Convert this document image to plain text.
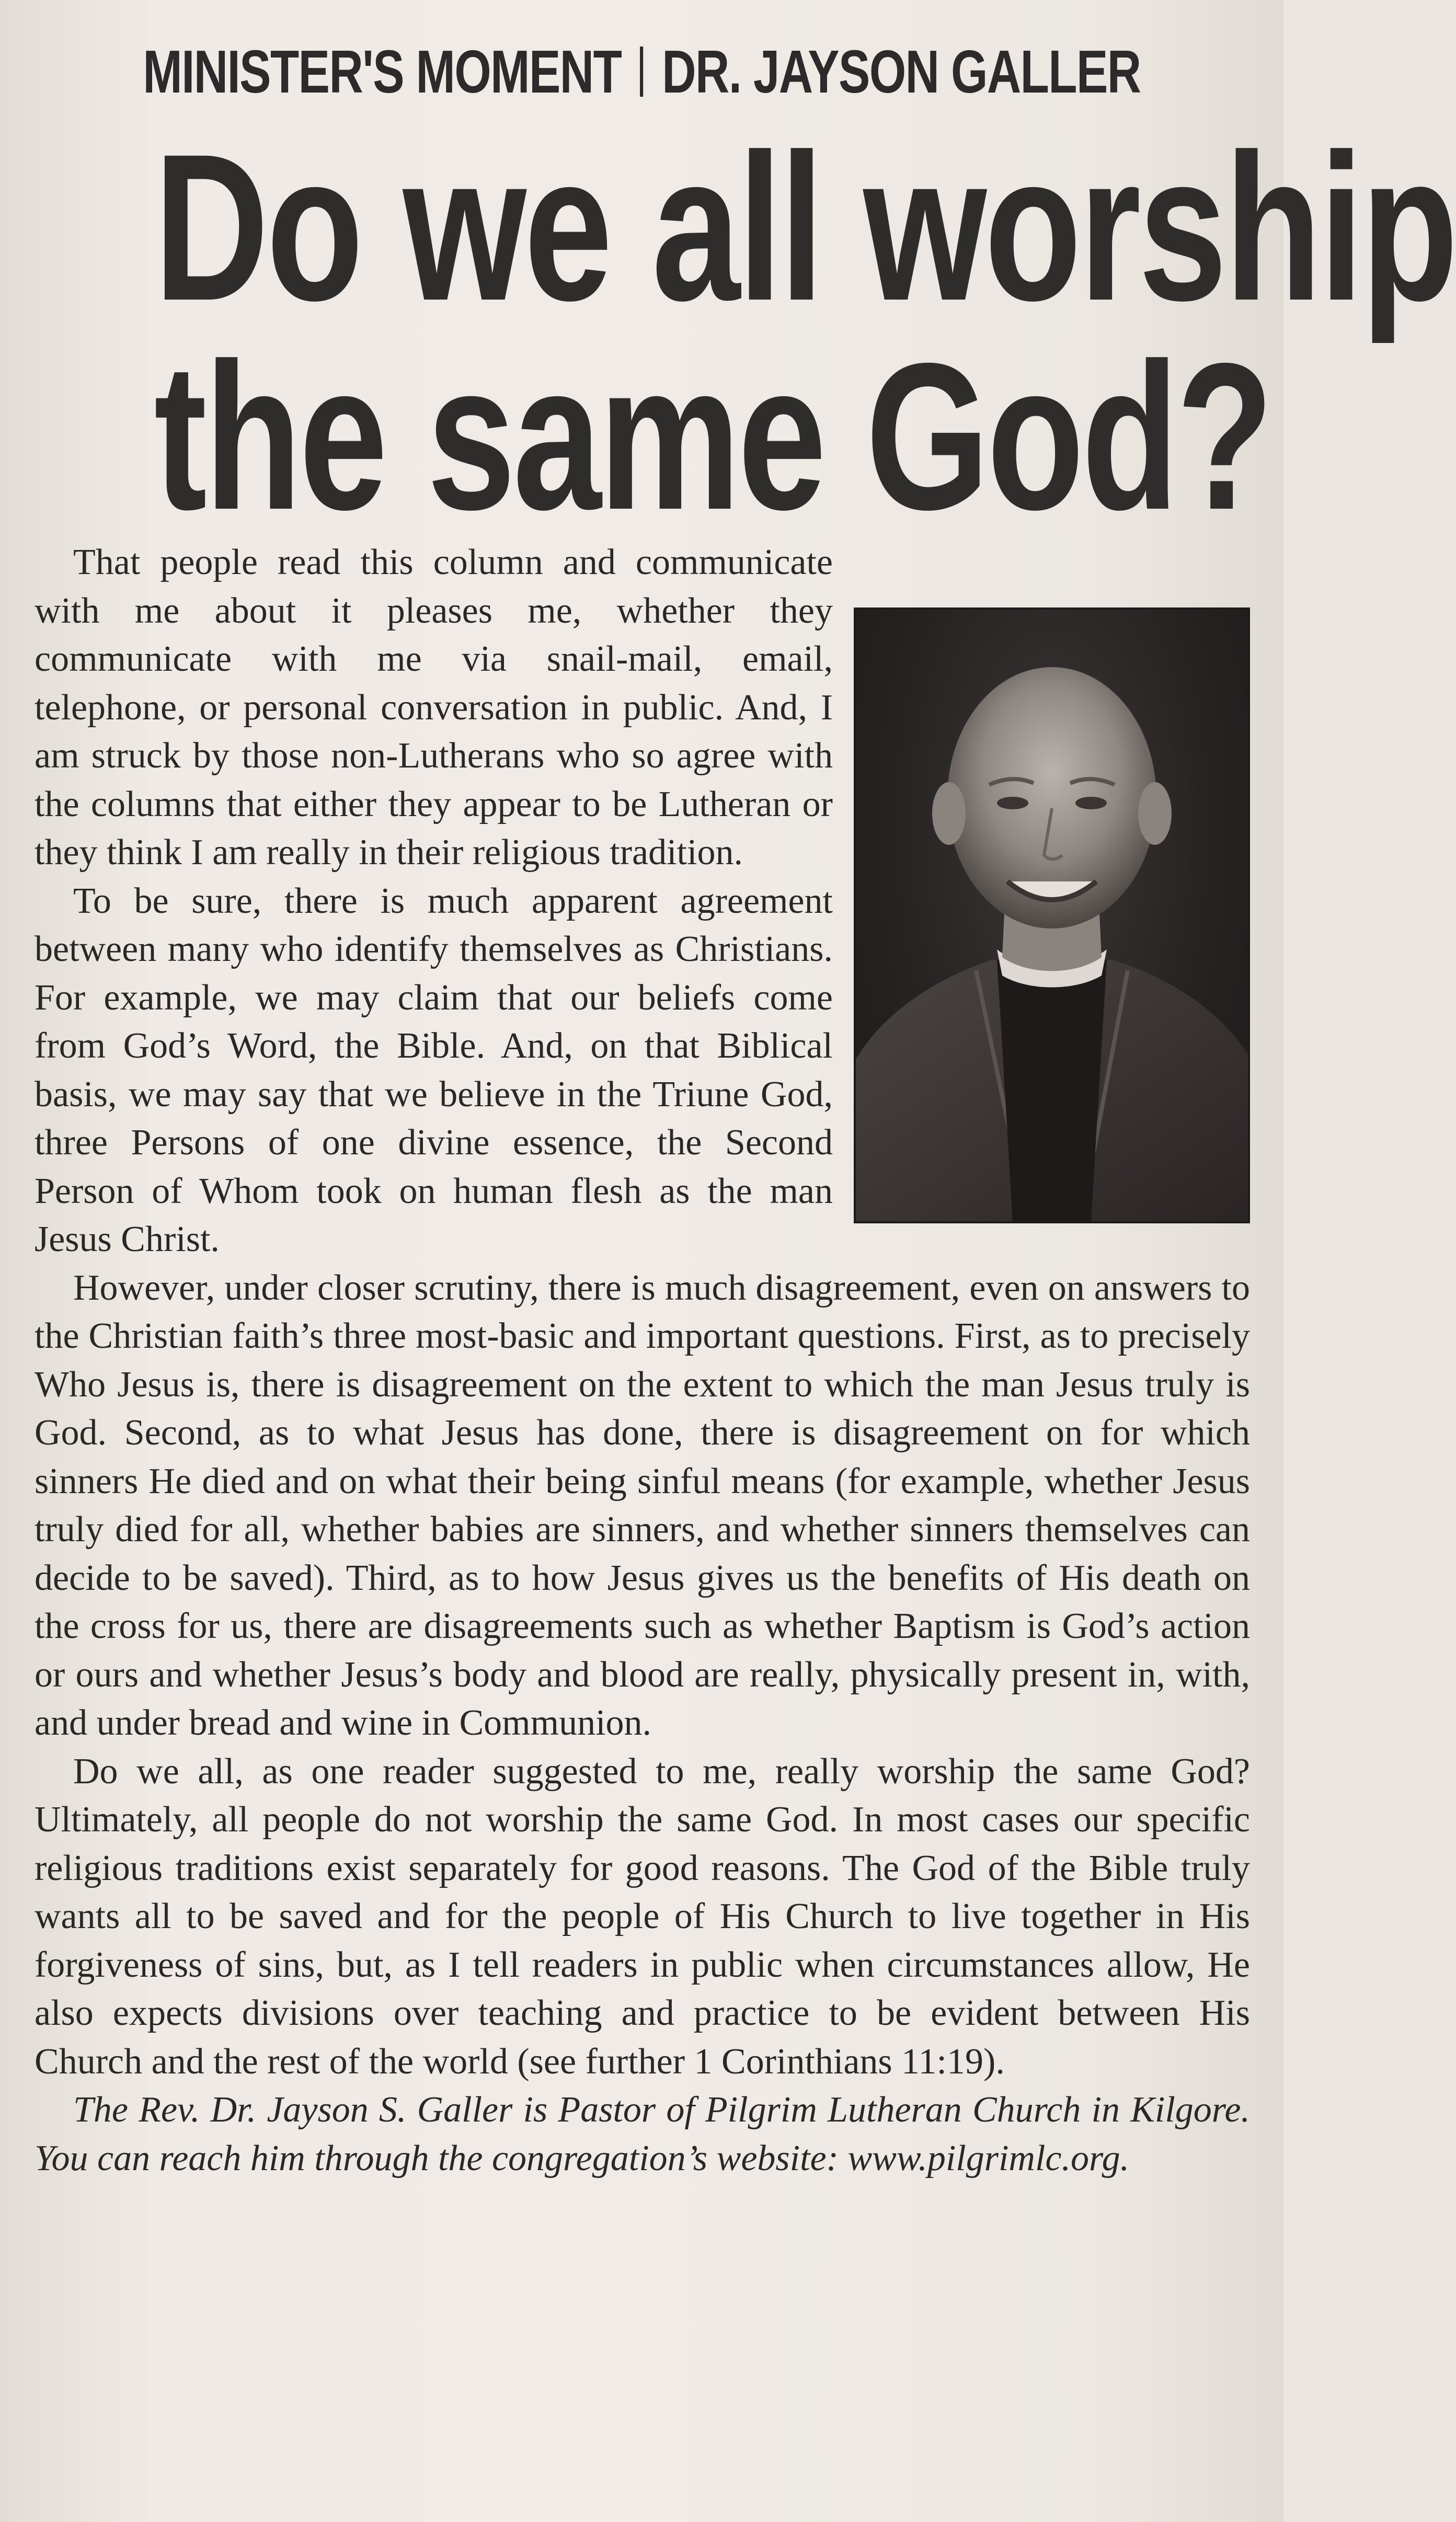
MINISTER'S MOMENT DR. JAYSON GALLER
Do we all worship
the same God?

That people read this column and communicate with me about it pleases me, whether they communicate with me via snail-mail, email, telephone, or personal conversation in public. And, I am struck by those non-Lutherans who so agree with the columns that either they appear to be Lutheran or they think I am really in their religious tradition.

To be sure, there is much apparent agreement between many who identify themselves as Christians. For example, we may claim that our beliefs come from God’s Word, the Bible. And, on that Biblical basis, we may say that we believe in the Triune God, three Persons of one divine essence, the Second Person of Whom took on human flesh as the man Jesus Christ.

However, under closer scrutiny, there is much disagreement, even on answers to the Christian faith’s three most-basic and important questions. First, as to precisely Who Jesus is, there is disagreement on the extent to which the man Jesus truly is God. Second, as to what Jesus has done, there is disagreement on for which sinners He died and on what their being sinful means (for example, whether Jesus truly died for all, whether babies are sinners, and whether sinners themselves can decide to be saved). Third, as to how Jesus gives us the benefits of His death on the cross for us, there are disagreements such as whether Baptism is God’s action or ours and whether Jesus’s body and blood are really, physically present in, with, and under bread and wine in Communion.

Do we all, as one reader suggested to me, really worship the same God? Ultimately, all people do not worship the same God. In most cases our specific religious traditions exist separately for good reasons. The God of the Bible truly wants all to be saved and for the people of His Church to live together in His forgiveness of sins, but, as I tell readers in public when circumstances allow, He also expects divisions over teaching and practice to be evident between His Church and the rest of the world (see further 1 Corinthians 11:19).

The Rev. Dr. Jayson S. Galler is Pastor of Pilgrim Lutheran Church in Kilgore. You can reach him through the congregation’s website: www.pilgrimlc.org.
